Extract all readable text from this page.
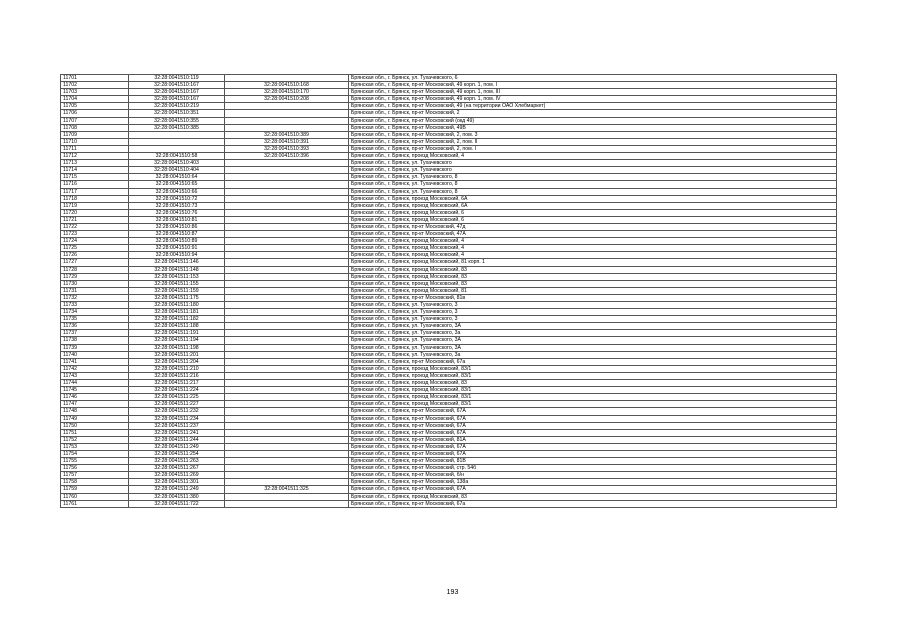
11701	32:28:0041510:119		Брянская обл., г. Брянск, ул. Тухачевского, 6
11702	32:28:0041510:167	32:28:0041510:168	Брянская обл., г. Брянск, пр-кт Московский, 49 корп. 1, пом. I
11703	32:28:0041510:167	32:28:0041510:170	Брянская обл., г. Брянск, пр-кт Московский, 49 корп. 1, пом. III
11704	32:28:0041510:167	32:28:0041510:208	Брянская обл., г. Брянск, пр-кт Московский, 49 корп. 1, пом. IV
11705	32:28:0041510:219		Брянская обл., г. Брянск, пр-кт Московский, 49 (на территории ОАО Хлебмаркет)
11706	32:28:0041510:351		Брянская обл., г. Брянск, пр-кт Московский, 2
11707	32:28:0041510:355		Брянская обл., г. Брянск, пр-кт Московский (окд 49)
11708	32:28:0041510:385		Брянская обл., г. Брянск, пр-кт Московский, 49В
11709		32:28:0041510:389	Брянская обл., г. Брянск, пр-кт Московский, 2, пом. 3
11710		32:28:0041510:391	Брянская обл., г. Брянск, пр-кт Московский, 2, пом. II
11711		32:28:0041510:393	Брянская обл., г. Брянск, пр-кт Московский, 2, пом. I
11712	32:28:0041510:58	32:28:0041510:396	Брянская обл., г. Брянск, проезд Московский, 4
11713	32:28:0041510:403		Брянская обл., г. Брянск, ул. Тухачевского
11714	32:28:0041510:404		Брянская обл., г. Брянск, ул. Тухачевского
11715	32:28:0041510:64		Брянская обл., г. Брянск, ул. Тухачевского, 8
11716	32:28:0041510:65		Брянская обл., г. Брянск, ул. Тухачевского, 8
11717	32:28:0041510:66		Брянская обл., г. Брянск, ул. Тухачевского, 8
11718	32:28:0041510:72		Брянская обл., г. Брянск, проезд Московский, 6А
11719	32:28:0041510:73		Брянская обл., г. Брянск, проезд Московский, 6А
11720	32:28:0041510:76		Брянская обл., г. Брянск, проезд Московский, 6
11721	32:28:0041510:81		Брянская обл., г. Брянск, проезд Московский, 6
11722	32:28:0041510:86		Брянская обл., г. Брянск, пр-кт Московский, 47д
11723	32:28:0041510:87		Брянская обл., г. Брянск, пр-кт Московский, 47А
11724	32:28:0041510:89		Брянская обл., г. Брянск, проезд Московский, 4
11725	32:28:0041510:91		Брянская обл., г. Брянск, проезд Московский, 4
11726	32:28:0041510:94		Брянская обл., г. Брянск, проезд Московский, 4
11727	32:28:0041511:146		Брянская обл., г. Брянск, проезд Московский, 81 корп. 1
11728	32:28:0041511:148		Брянская обл., г. Брянск, проезд Московский, 83
11729	32:28:0041511:153		Брянская обл., г. Брянск, проезд Московский, 83
11730	32:28:0041511:155		Брянская обл., г. Брянск, проезд Московский, 83
11731	32:28:0041511:159		Брянская обл., г. Брянск, проезд Московский, 81
11732	32:28:0041511:175		Брянская обл., г. Брянск, пр-кт Московский, 81в
11733	32:28:0041511:180		Брянская обл., г. Брянск, ул. Тухачевского, 3
11734	32:28:0041511:181		Брянская обл., г. Брянск, ул. Тухачевского, 3
11735	32:28:0041511:182		Брянская обл., г. Брянск, ул. Тухачевского, 3
11736	32:28:0041511:188		Брянская обл., г. Брянск, ул. Тухачевского, 3А
11737	32:28:0041511:191		Брянская обл., г. Брянск, ул. Тухачевского, 3а
11738	32:28:0041511:194		Брянская обл., г. Брянск, ул. Тухачевского, 3А
11739	32:28:0041511:198		Брянская обл., г. Брянск, ул. Тухачевского, 3А
11740	32:28:0041511:201		Брянская обл., г. Брянск, ул. Тухачевского, 3а
11741	32:28:0041511:204		Брянская обл., г. Брянск, пр-кт Московский, 67а
11742	32:28:0041511:210		Брянская обл., г. Брянск, проезд Московский, 83/1
11743	32:28:0041511:216		Брянская обл., г. Брянск, проезд Московский, 83/1
11744	32:28:0041511:217		Брянская обл., г. Брянск, проезд Московский, 83
11745	32:28:0041511:224		Брянская обл., г. Брянск, проезд Московский, 83/1
11746	32:28:0041511:225		Брянская обл., г. Брянск, проезд Московский, 83/1
11747	32:28:0041511:227		Брянская обл., г. Брянск, проезд Московский, 83/1
11748	32:28:0041511:232		Брянская обл., г. Брянск, пр-кт Московский, 67А
11749	32:28:0041511:234		Брянская обл., г. Брянск, пр-кт Московский, 67А
11750	32:28:0041511:237		Брянская обл., г. Брянск, пр-кт Московский, 67А
11751	32:28:0041511:241		Брянская обл., г. Брянск, пр-кт Московский, 67А
11752	32:28:0041511:244		Брянская обл., г. Брянск, пр-кт Московский, 81А
11753	32:28:0041511:249		Брянская обл., г. Брянск, пр-кт Московский, 67А
11754	32:28:0041511:254		Брянская обл., г. Брянск, пр-кт Московский, 67А
11755	32:28:0041511:263		Брянская обл., г. Брянск, пр-кт Московский, 81В
11756	32:28:0041511:267		Брянская обл., г. Брянск, пр-кт Московский, стр. 54б
11757	32:28:0041511:269		Брянская обл., г. Брянск, пр-кт Московский, б/н
11758	32:28:0041511:301		Брянская обл., г. Брянск, пр-кт Московский, 138а
11759	32:28:0041511:249	32:28:0041511:325	Брянская обл., г. Брянск, пр-кт Московский, 67А
11760	32:28:0041511:380		Брянская обл., г. Брянск, проезд Московский, 83
11761	32:28:0041511:722		Брянская обл., г. Брянск, пр-кт Московский, 67а
193
